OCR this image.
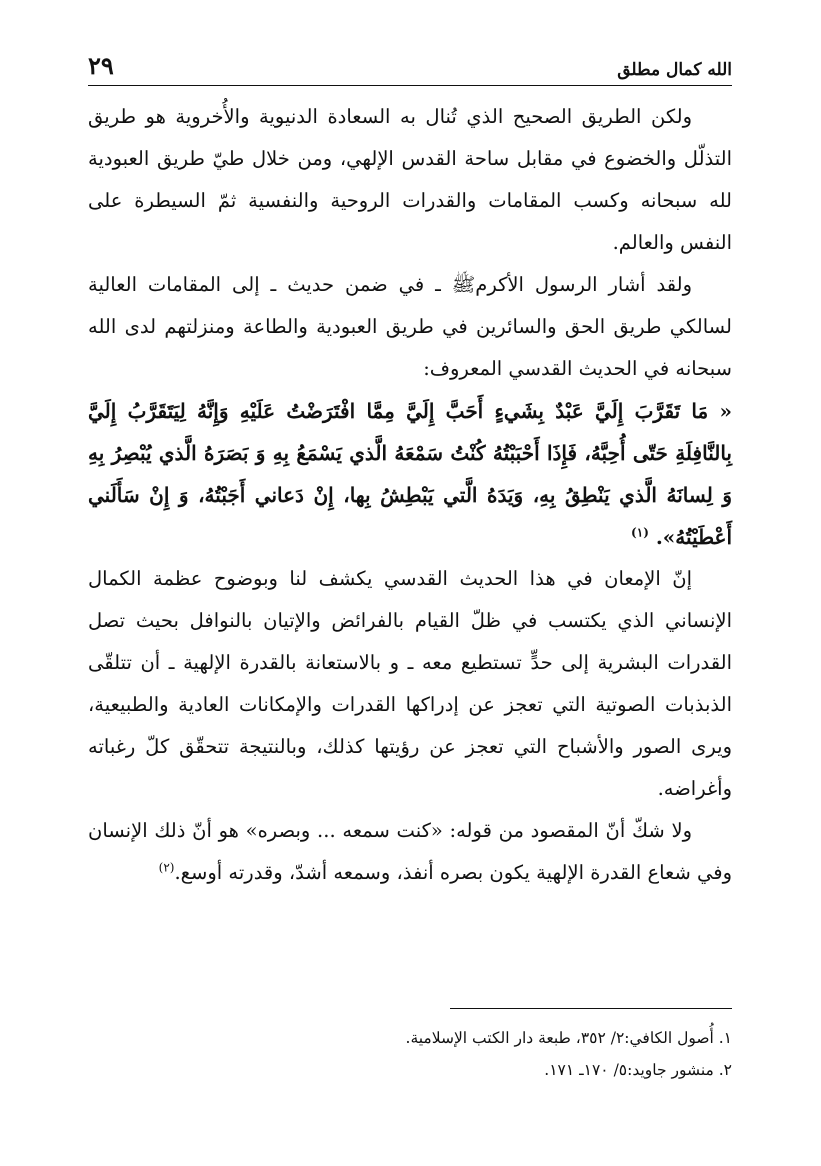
٢٩	الله كمال مطلق

ولكن الطريق الصحيح الذي تُنال به السعادة الدنيوية والأُخروية هو طريق التذلّل والخضوع في مقابل ساحة القدس الإلهي، ومن خلال طيّ طريق العبودية لله سبحانه وكسب المقامات والقدرات الروحية والنفسية ثمّ السيطرة على النفس والعالم.

ولقد أشار الرسول الأكرمﷺ ـ في ضمن حديث ـ إلى المقامات العالية لسالكي طريق الحق والسائرين في طريق العبودية والطاعة ومنزلتهم لدى الله سبحانه في الحديث القدسي المعروف:

« مَا تَقَرَّبَ إِلَيَّ عَبْدٌ بِشَيءٍ أَحَبَّ إِلَيَّ مِمَّا افْتَرَضْتُ عَلَيْهِ وَإِنَّهُ لِيَتَقَرَّبُ إِلَيَّ بِالنَّافِلَةِ حَتّى أُحِبَّهُ، فَإِذَا أَحْبَبْتُهُ كُنْتُ سَمْعَهُ الَّذي يَسْمَعُ بِهِ وَ بَصَرَهُ الَّذي يُبْصِرُ بِهِ وَ لِسانَهُ الَّذي يَنْطِقُ بِهِ، وَيَدَهُ الَّتي يَبْطِشُ بِها، إِنْ دَعاني أَجَبْتُهُ، وَ إِنْ سَأَلَني أَعْطَيْتُهُ». $^{(١)}$

إنّ الإمعان في هذا الحديث القدسي يكشف لنا وبوضوح عظمة الكمال الإنساني الذي يكتسب في ظلّ القيام بالفرائض والإتيان بالنوافل بحيث تصل القدرات البشرية إلى حدٍّ تستطيع معه ـ و بالاستعانة بالقدرة الإلهية ـ أن تتلقّى الذبذبات الصوتية التي تعجز عن إدراكها القدرات والإمكانات العادية والطبيعية، ويرى الصور والأشباح التي تعجز عن رؤيتها كذلك، وبالنتيجة تتحقّق كلّ رغباته وأغراضه.

ولا شكّ أنّ المقصود من قوله: «كنت سمعه ... وبصره» هو أنّ ذلك الإنسان وفي شعاع القدرة الإلهية يكون بصره أنفذ، وسمعه أشدّ، وقدرته أوسع.$^{(٢)}$

١. أُصول الكافي:٢/ ٣٥٢، طبعة دار الكتب الإسلامية.
٢. منشور جاويد:٥/ ١٧٠ـ ١٧١.
